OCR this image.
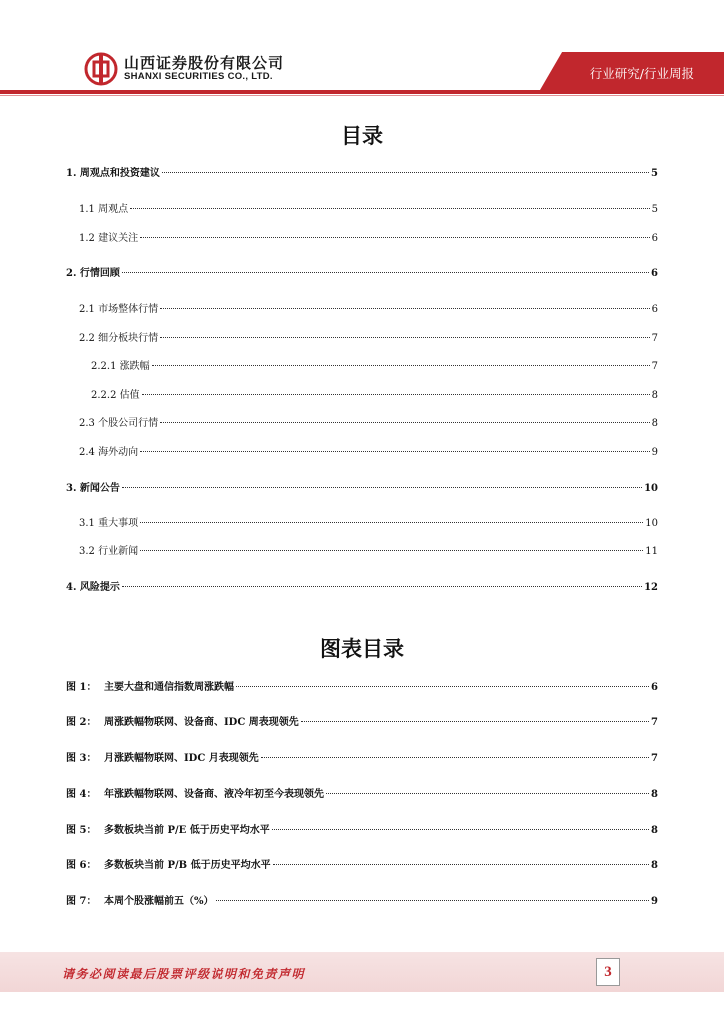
山西证券股份有限公司
SHANXI SECURITIES CO., LTD.	行业研究/行业周报
目录
1. 周观点和投资建议	5
1.1 周观点	5
1.2 建议关注	6
2. 行情回顾	6
2.1 市场整体行情	6
2.2 细分板块行情	7
2.2.1 涨跌幅	7
2.2.2 估值	8
2.3 个股公司行情	8
2.4 海外动向	9
3. 新闻公告	10
3.1 重大事项	10
3.2 行业新闻	11
4. 风险提示	12
图表目录
图 1： 主要大盘和通信指数周涨跌幅	6
图 2： 周涨跌幅物联网、设备商、IDC 周表现领先	7
图 3： 月涨跌幅物联网、IDC 月表现领先	7
图 4： 年涨跌幅物联网、设备商、液冷年初至今表现领先	8
图 5： 多数板块当前 P/E 低于历史平均水平	8
图 6： 多数板块当前 P/B 低于历史平均水平	8
图 7： 本周个股涨幅前五（%）	9
请务必阅读最后股票评级说明和免责声明	3
